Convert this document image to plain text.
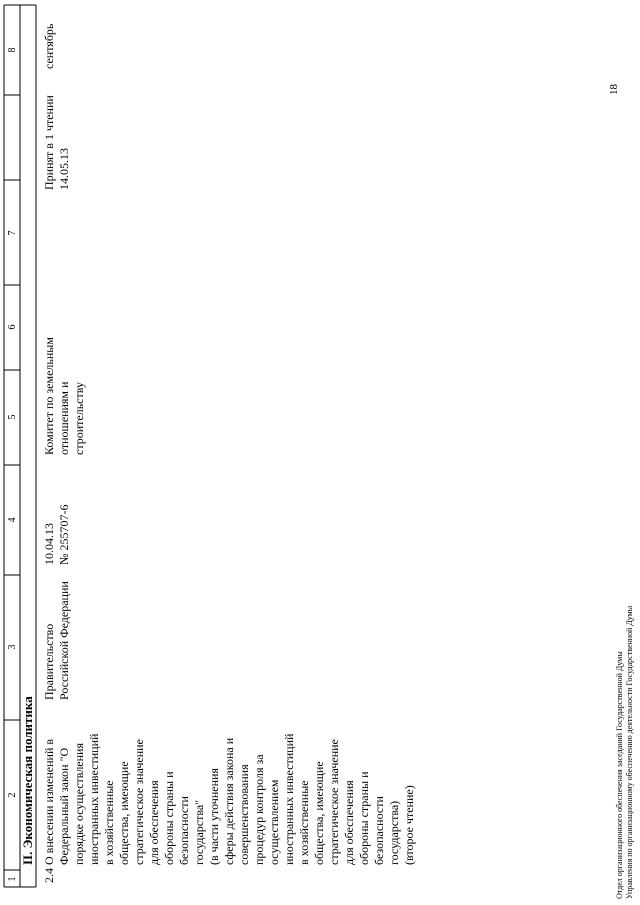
1
2
3
4
5
6
7
8
II. Экономическая политика
2.4
О внесении изменений в
Федеральный закон "О
порядке осуществления
иностранных инвестиций
в хозяйственные
общества, имеющие
стратегическое значение
для обеспечения
обороны страны и
безопасности
государства"
(в части уточнения
сферы действия закона и
совершенствования
процедур контроля за
осуществлением
иностранных инвестиций
в хозяйственные
общества, имеющие
стратегическое значение
для обеспечения
обороны страны и
безопасности
государства)
(второе чтение)
Правительство
Российской Федерации
10.04.13
№ 255707-6
Комитет по земельным
отношениям и
строительству
Принят в 1 чтении
14.05.13
сентябрь
Отдел организационного обеспечения заседаний Государственной Думы Управления по организационному обеспечению деятельности Государственной Думы
18
